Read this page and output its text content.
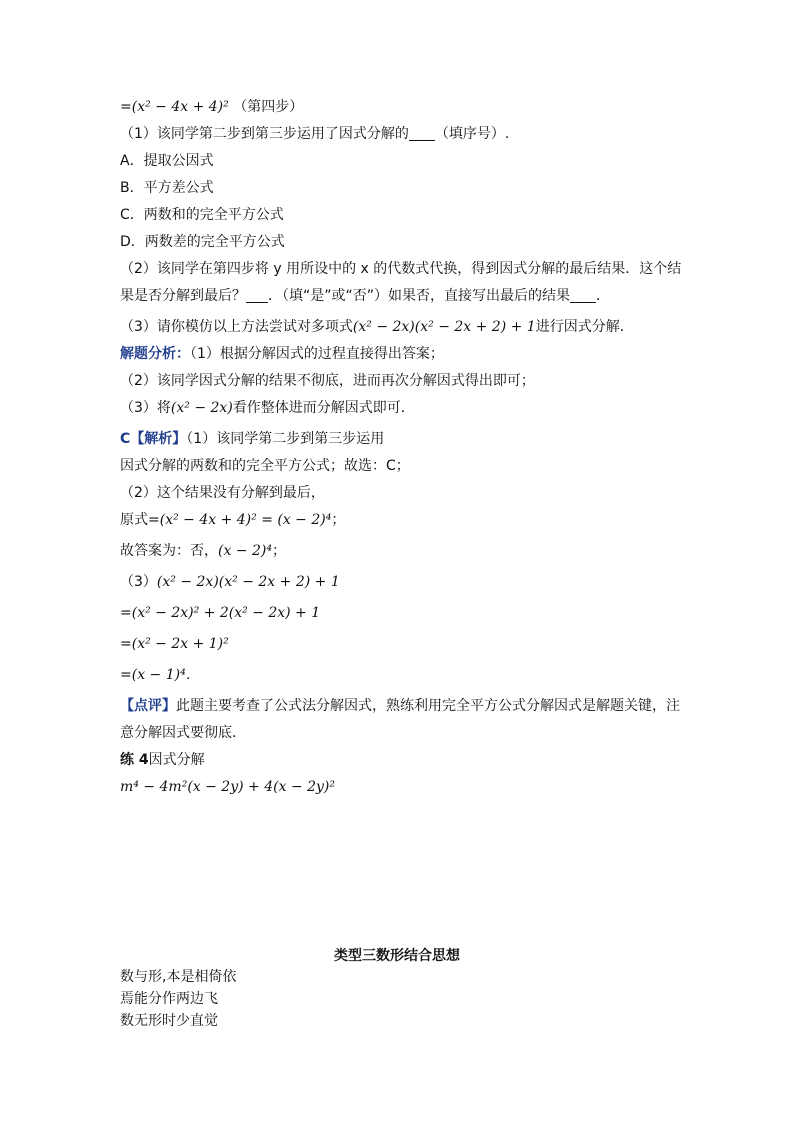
=(x² − 4x + 4)² （第四步）
（1）该同学第二步到第三步运用了因式分解的 （填序号）.
A．提取公因式
B．平方差公式
C．两数和的完全平方公式
D．两数差的完全平方公式
（2）该同学在第四步将 y 用所设中的 x 的代数式代换，得到因式分解的最后结果．这个结
果是否分解到最后？ ．（填“是”或“否”）如果否，直接写出最后的结果 ．
（3）请你模仿以上方法尝试对多项式(x² − 2x)(x² − 2x + 2) + 1进行因式分解．
解题分析：（1）根据分解因式的过程直接得出答案；
（2）该同学因式分解的结果不彻底，进而再次分解因式得出即可；
（3）将(x² − 2x)看作整体进而分解因式即可．
C【解析】（1）该同学第二步到第三步运用
因式分解的两数和的完全平方公式；故选：C；
（2）这个结果没有分解到最后，
原式=(x² − 4x + 4)² = (x − 2)⁴；
故答案为：否，(x − 2)⁴；
（3）(x² − 2x)(x² − 2x + 2) + 1
=(x² − 2x)² + 2(x² − 2x) + 1
=(x² − 2x + 1)²
=(x − 1)⁴．
【点评】此题主要考查了公式法分解因式，熟练利用完全平方公式分解因式是解题关键，注
意分解因式要彻底．
练 4因式分解
m⁴ − 4m²(x − 2y) + 4(x − 2y)²
类型三数形结合思想
数与形,本是相倚依
焉能分作两边飞
数无形时少直觉
